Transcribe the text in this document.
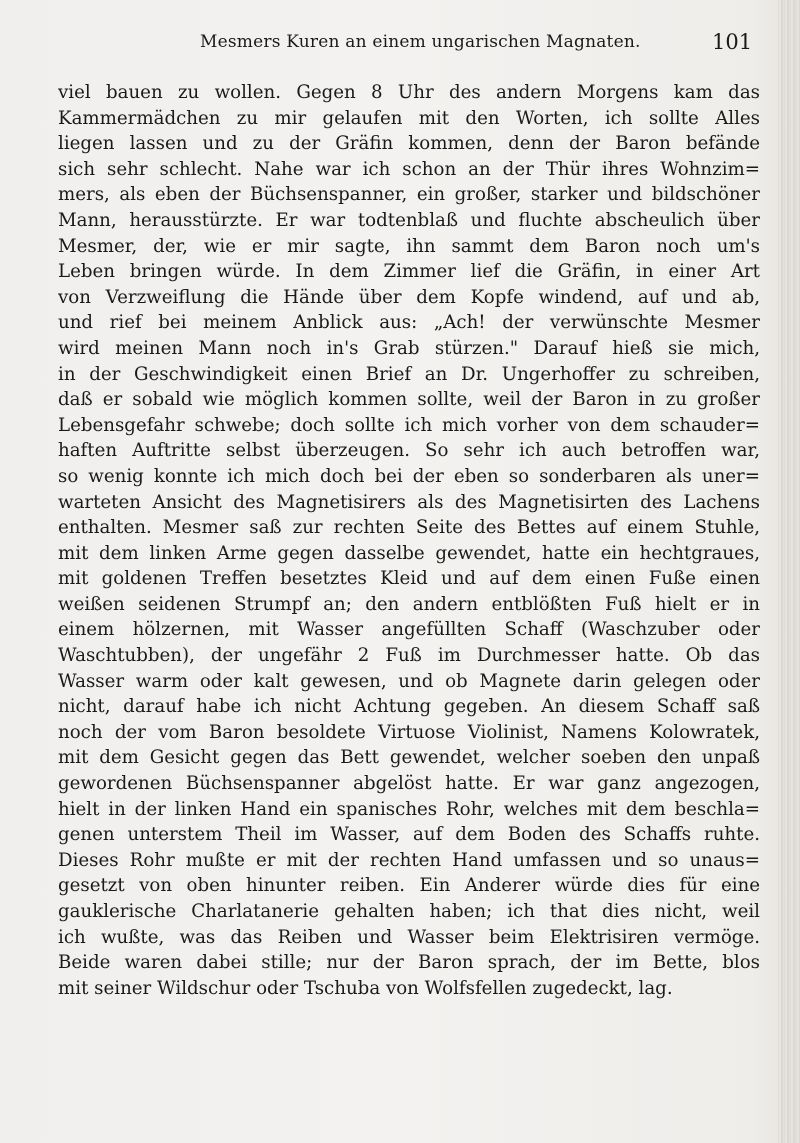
Mesmers Kuren an einem ungarischen Magnaten.	101
viel bauen zu wollen. Gegen 8 Uhr des andern Morgens kam das
Kammermädchen zu mir gelaufen mit den Worten, ich sollte Alles
liegen lassen und zu der Gräfin kommen, denn der Baron befände
sich sehr schlecht. Nahe war ich schon an der Thür ihres Wohnzim=
mers, als eben der Büchsenspanner, ein großer, starker und bildschöner
Mann, herausstürzte. Er war todtenblaß und fluchte abscheulich über
Mesmer, der, wie er mir sagte, ihn sammt dem Baron noch um's
Leben bringen würde. In dem Zimmer lief die Gräfin, in einer Art
von Verzweiflung die Hände über dem Kopfe windend, auf und ab,
und rief bei meinem Anblick aus: „Ach! der verwünschte Mesmer
wird meinen Mann noch in's Grab stürzen." Darauf hieß sie mich,
in der Geschwindigkeit einen Brief an Dr. Ungerhoffer zu schreiben,
daß er sobald wie möglich kommen sollte, weil der Baron in zu großer
Lebensgefahr schwebe; doch sollte ich mich vorher von dem schauder=
haften Auftritte selbst überzeugen. So sehr ich auch betroffen war,
so wenig konnte ich mich doch bei der eben so sonderbaren als uner=
warteten Ansicht des Magnetisirers als des Magnetisirten des Lachens
enthalten. Mesmer saß zur rechten Seite des Bettes auf einem Stuhle,
mit dem linken Arme gegen dasselbe gewendet, hatte ein hechtgraues,
mit goldenen Treffen besetztes Kleid und auf dem einen Fuße einen
weißen seidenen Strumpf an; den andern entblößten Fuß hielt er in
einem hölzernen, mit Wasser angefüllten Schaff (Waschzuber oder
Waschtubben), der ungefähr 2 Fuß im Durchmesser hatte. Ob das
Wasser warm oder kalt gewesen, und ob Magnete darin gelegen oder
nicht, darauf habe ich nicht Achtung gegeben. An diesem Schaff saß
noch der vom Baron besoldete Virtuose Violinist, Namens Kolowratek,
mit dem Gesicht gegen das Bett gewendet, welcher soeben den unpaß
gewordenen Büchsenspanner abgelöst hatte. Er war ganz angezogen,
hielt in der linken Hand ein spanisches Rohr, welches mit dem beschla=
genen unterstem Theil im Wasser, auf dem Boden des Schaffs ruhte.
Dieses Rohr mußte er mit der rechten Hand umfassen und so unaus=
gesetzt von oben hinunter reiben. Ein Anderer würde dies für eine
gauklerische Charlatanerie gehalten haben; ich that dies nicht, weil
ich wußte, was das Reiben und Wasser beim Elektrisiren vermöge.
Beide waren dabei stille; nur der Baron sprach, der im Bette, blos
mit seiner Wildschur oder Tschuba von Wolfsfellen zugedeckt, lag.
